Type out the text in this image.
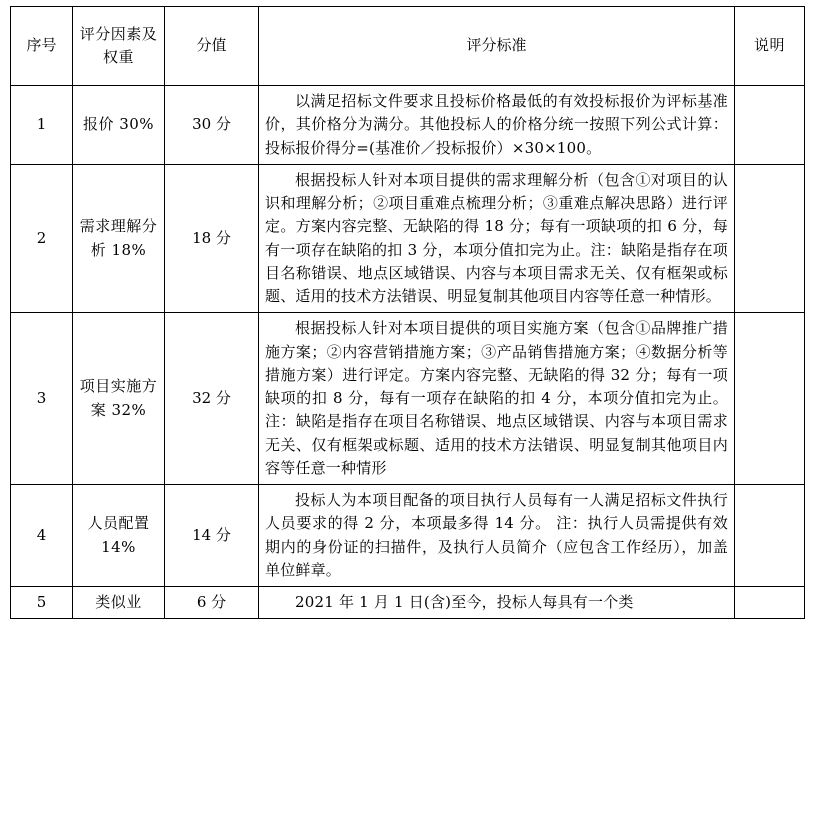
序号	评分因素及权重	分值	评分标准	说明
1	报价 30%	30 分	以满足招标文件要求且投标价格最低的有效投标报价为评标基准价，其价格分为满分。其他投标人的价格分统一按照下列公式计算：投标报价得分=(基准价／投标报价）×30×100。	

2	需求理解分析 18%	18 分	根据投标人针对本项目提供的需求理解分析（包含①对项目的认识和理解分析；②项目重难点梳理分析；③重难点解决思路）进行评定。方案内容完整、无缺陷的得 18 分；每有一项缺项的扣 6 分，每有一项存在缺陷的扣 3 分，本项分值扣完为止。注：缺陷是指存在项目名称错误、地点区域错误、内容与本项目需求无关、仅有框架或标题、适用的技术方法错误、明显复制其他项目内容等任意一种情形。	

3	项目实施方案 32%	32 分	根据投标人针对本项目提供的项目实施方案（包含①品牌推广措施方案；②内容营销措施方案；③产品销售措施方案；④数据分析等措施方案）进行评定。方案内容完整、无缺陷的得 32 分；每有一项缺项的扣 8 分，每有一项存在缺陷的扣 4 分，本项分值扣完为止。 注：缺陷是指存在项目名称错误、地点区域错误、内容与本项目需求无关、仅有框架或标题、适用的技术方法错误、明显复制其他项目内容等任意一种情形	

4	人员配置 14%	14 分	投标人为本项目配备的项目执行人员每有一人满足招标文件执行人员要求的得 2 分，本项最多得 14 分。 注：执行人员需提供有效期内的身份证的扫描件，及执行人员简介（应包含工作经历），加盖单位鲜章。	

5	类似业	6 分	2021 年 1 月 1 日(含)至今，投标人每具有一个类	
